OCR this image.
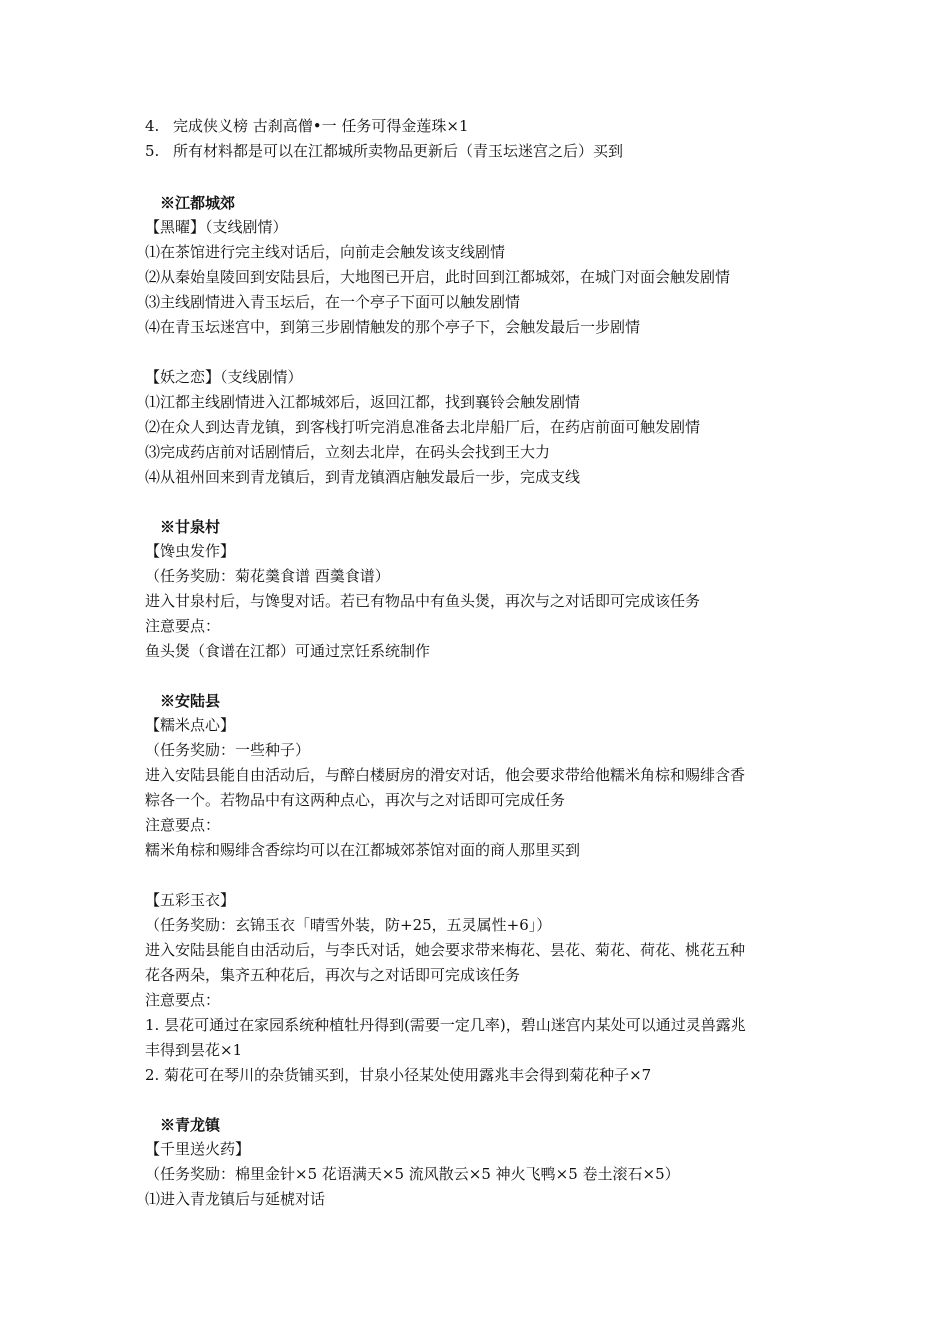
4. 完成侠义榜 古刹高僧•一 任务可得金莲珠×1
5. 所有材料都是可以在江都城所卖物品更新后（青玉坛迷宫之后）买到
※江都城郊
【黑曜】（支线剧情）
⑴在茶馆进行完主线对话后，向前走会触发该支线剧情
⑵从秦始皇陵回到安陆县后，大地图已开启，此时回到江都城郊，在城门对面会触发剧情
⑶主线剧情进入青玉坛后，在一个亭子下面可以触发剧情
⑷在青玉坛迷宫中，到第三步剧情触发的那个亭子下，会触发最后一步剧情
【妖之恋】（支线剧情）
⑴江都主线剧情进入江都城郊后，返回江都，找到襄铃会触发剧情
⑵在众人到达青龙镇，到客栈打听完消息准备去北岸船厂后，在药店前面可触发剧情
⑶完成药店前对话剧情后，立刻去北岸，在码头会找到王大力
⑷从祖州回来到青龙镇后，到青龙镇酒店触发最后一步，完成支线
※甘泉村
【馋虫发作】
（任务奖励：菊花羹食谱 酉羹食谱）
进入甘泉村后，与馋叟对话。若已有物品中有鱼头煲，再次与之对话即可完成该任务
注意要点：
鱼头煲（食谱在江都）可通过烹饪系统制作
※安陆县
【糯米点心】
（任务奖励：一些种子）
进入安陆县能自由活动后，与醉白楼厨房的滑安对话，他会要求带给他糯米角棕和赐绯含香
粽各一个。若物品中有这两种点心，再次与之对话即可完成任务
注意要点：
糯米角棕和赐绯含香综均可以在江都城郊茶馆对面的商人那里买到
【五彩玉衣】
（任务奖励：玄锦玉衣「晴雪外装，防+25，五灵属性+6」）
进入安陆县能自由活动后，与李氏对话，她会要求带来梅花、昙花、菊花、荷花、桃花五种
花各两朵，集齐五种花后，再次与之对话即可完成该任务
注意要点：
1. 昙花可通过在家园系统种植牡丹得到(需要一定几率)，碧山迷宫内某处可以通过灵兽露兆
丰得到昙花×1
2. 菊花可在琴川的杂货铺买到，甘泉小径某处使用露兆丰会得到菊花种子×7
※青龙镇
【千里送火药】
（任务奖励：棉里金针×5 花语满天×5 流风散云×5 神火飞鸭×5 卷土滚石×5）
⑴进入青龙镇后与延椃对话
